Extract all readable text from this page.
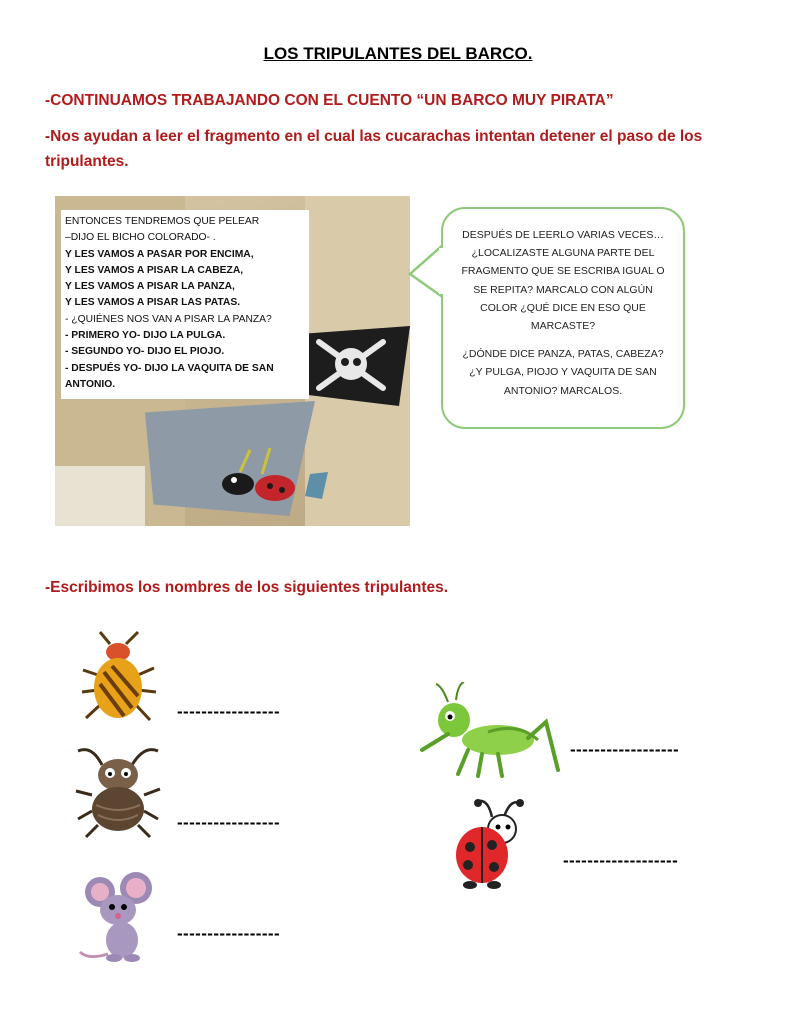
LOS TRIPULANTES DEL BARCO.
-CONTINUAMOS TRABAJANDO CON EL CUENTO “UN BARCO MUY PIRATA”
-Nos ayudan a leer el fragmento en el cual las cucarachas intentan detener el paso de los tripulantes.
ENTONCES TENDREMOS QUE PELEAR
–DIJO EL BICHO COLORADO- .
Y LES VAMOS A PASAR POR ENCIMA,
Y LES VAMOS A PISAR LA CABEZA,
Y LES VAMOS A PISAR LA PANZA,
Y LES VAMOS A PISAR LAS PATAS.
- ¿QUIÉNES NOS VAN A PISAR LA PANZA?
- PRIMERO YO- DIJO LA PULGA.
- SEGUNDO YO- DIJO EL PIOJO.
- DESPUÉS YO- DIJO LA VAQUITA DE SAN
ANTONIO.

DESPUÉS DE LEERLO VARIAS VECES… ¿LOCALIZASTE ALGUNA PARTE DEL FRAGMENTO QUE SE ESCRIBA IGUAL O SE REPITA? MARCALO CON ALGÚN COLOR ¿QUÉ DICE EN ESO QUE MARCASTE?

¿DÓNDE DICE PANZA, PATAS, CABEZA? ¿Y PULGA, PIOJO Y VAQUITA DE SAN ANTONIO? MARCALOS.

-Escribimos los nombres de los siguientes tripulantes.
-----------------
-----------------
-----------------
------------------
-------------------
